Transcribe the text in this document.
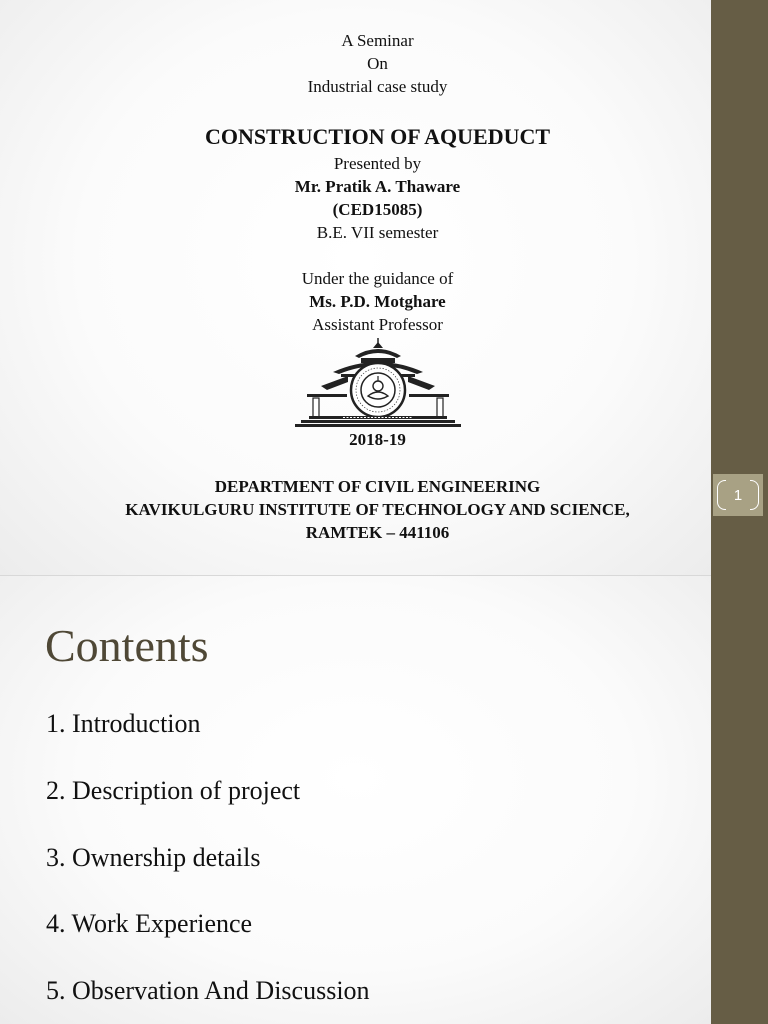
A Seminar
On
Industrial case study
CONSTRUCTION OF AQUEDUCT
Presented by
Mr. Pratik A. Thaware
(CED15085)
B.E. VII semester
Under the guidance of
Ms. P.D. Motghare
Assistant Professor
2018-19
DEPARTMENT OF CIVIL ENGINEERING
KAVIKULGURU INSTITUTE OF TECHNOLOGY AND SCIENCE,
RAMTEK – 441106
1
Contents
1. Introduction
2. Description of project
3. Ownership details
4. Work Experience
5. Observation And Discussion
